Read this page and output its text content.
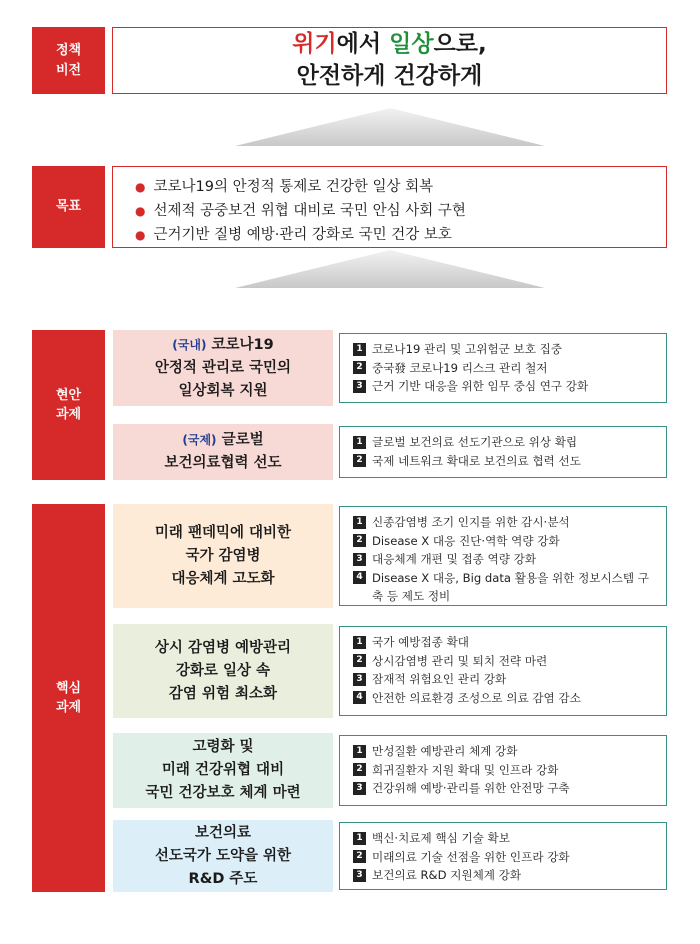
정책
비전
위기에서 일상으로,
안전하게 건강하게
목표
● 코로나19의 안정적 통제로 건강한 일상 회복
● 선제적 공중보건 위협 대비로 국민 안심 사회 구현
● 근거기반 질병 예방·관리 강화로 국민 건강 보호
현안
과제
(국내) 코로나19
안정적 관리로 국민의
일상회복 지원
1 코로나19 관리 및 고위험군 보호 집중
2 중국發 코로나19 리스크 관리 철저
3 근거 기반 대응을 위한 임무 중심 연구 강화
(국제) 글로벌
보건의료협력 선도
1 글로벌 보건의료 선도기관으로 위상 확립
2 국제 네트워크 확대로 보건의료 협력 선도
핵심
과제
미래 팬데믹에 대비한
국가 감염병
대응체계 고도화
1 신종감염병 조기 인지를 위한 감시·분석
2 Disease X 대응 진단·역학 역량 강화
3 대응체계 개편 및 접종 역량 강화
4 Disease X 대응, Big data 활용을 위한 정보시스템 구축 등 제도 정비
상시 감염병 예방관리
강화로 일상 속
감염 위험 최소화
1 국가 예방접종 확대
2 상시감염병 관리 및 퇴치 전략 마련
3 잠재적 위험요인 관리 강화
4 안전한 의료환경 조성으로 의료 감염 감소
고령화 및
미래 건강위협 대비
국민 건강보호 체계 마련
1 만성질환 예방관리 체계 강화
2 희귀질환자 지원 확대 및 인프라 강화
3 건강위해 예방·관리를 위한 안전망 구축
보건의료
선도국가 도약을 위한
R&D 주도
1 백신·치료제 핵심 기술 확보
2 미래의료 기술 선점을 위한 인프라 강화
3 보건의료 R&D 지원체계 강화
